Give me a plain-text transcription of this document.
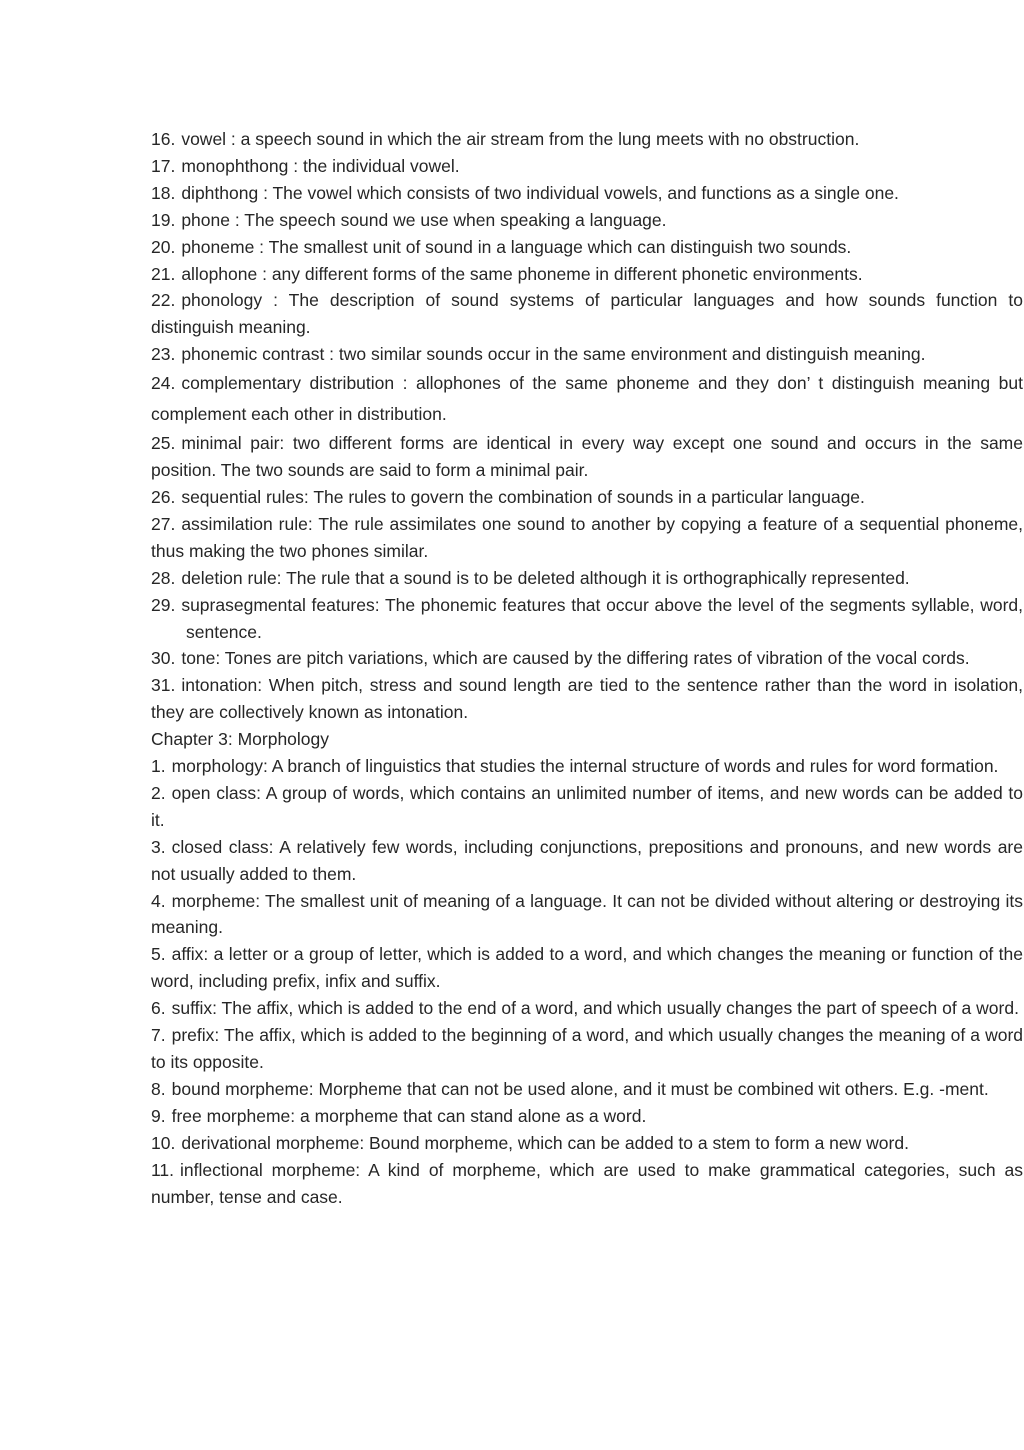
16. vowel : a speech sound in which the air stream from the lung meets with no obstruction.

17. monophthong : the individual vowel.

18. diphthong : The vowel which consists of two individual vowels, and functions as a single one.

19. phone : The speech sound we use when speaking a language.

20. phoneme : The smallest unit of sound in a language which can distinguish two sounds.

21. allophone : any different forms of the same phoneme in different phonetic environments.

22. phonology : The description of sound systems of particular languages and how sounds function to distinguish meaning.

23. phonemic contrast : two similar sounds occur in the same environment and distinguish meaning.

24. complementary distribution : allophones of the same phoneme and they don’ t distinguish meaning but complement each other in distribution.

25. minimal pair: two different forms are identical in every way except one sound and occurs in the same position. The two sounds are said to form a minimal pair.

26. sequential rules: The rules to govern the combination of sounds in a particular language.

27. assimilation rule: The rule assimilates one sound to another by copying a feature of a sequential phoneme, thus making the two phones similar.

28. deletion rule: The rule that a sound is to be deleted although it is orthographically represented.

29. suprasegmental features: The phonemic features that occur above the level of the segments syllable, word, sentence.

30. tone: Tones are pitch variations, which are caused by the differing rates of vibration of the vocal cords.

31. intonation: When pitch, stress and sound length are tied to the sentence rather than the word in isolation, they are collectively known as intonation.

Chapter 3: Morphology

1. morphology: A branch of linguistics that studies the internal structure of words and rules for word formation.

2. open class: A group of words, which contains an unlimited number of items, and new words can be added to it.

3. closed class: A relatively few words, including conjunctions, prepositions and pronouns, and new words are not usually added to them.

4. morpheme: The smallest unit of meaning of a language. It can not be divided without altering or destroying its meaning.

5. affix: a letter or a group of letter, which is added to a word, and which changes the meaning or function of the word, including prefix, infix and suffix.

6. suffix: The affix, which is added to the end of a word, and which usually changes the part of speech of a word.

7. prefix: The affix, which is added to the beginning of a word, and which usually changes the meaning of a word to its opposite.

8. bound morpheme: Morpheme that can not be used alone, and it must be combined wit others. E.g. -ment.

9. free morpheme: a morpheme that can stand alone as a word.

10. derivational morpheme: Bound morpheme, which can be added to a stem to form a new word.

11. inflectional morpheme: A kind of morpheme, which are used to make grammatical categories, such as number, tense and case.
